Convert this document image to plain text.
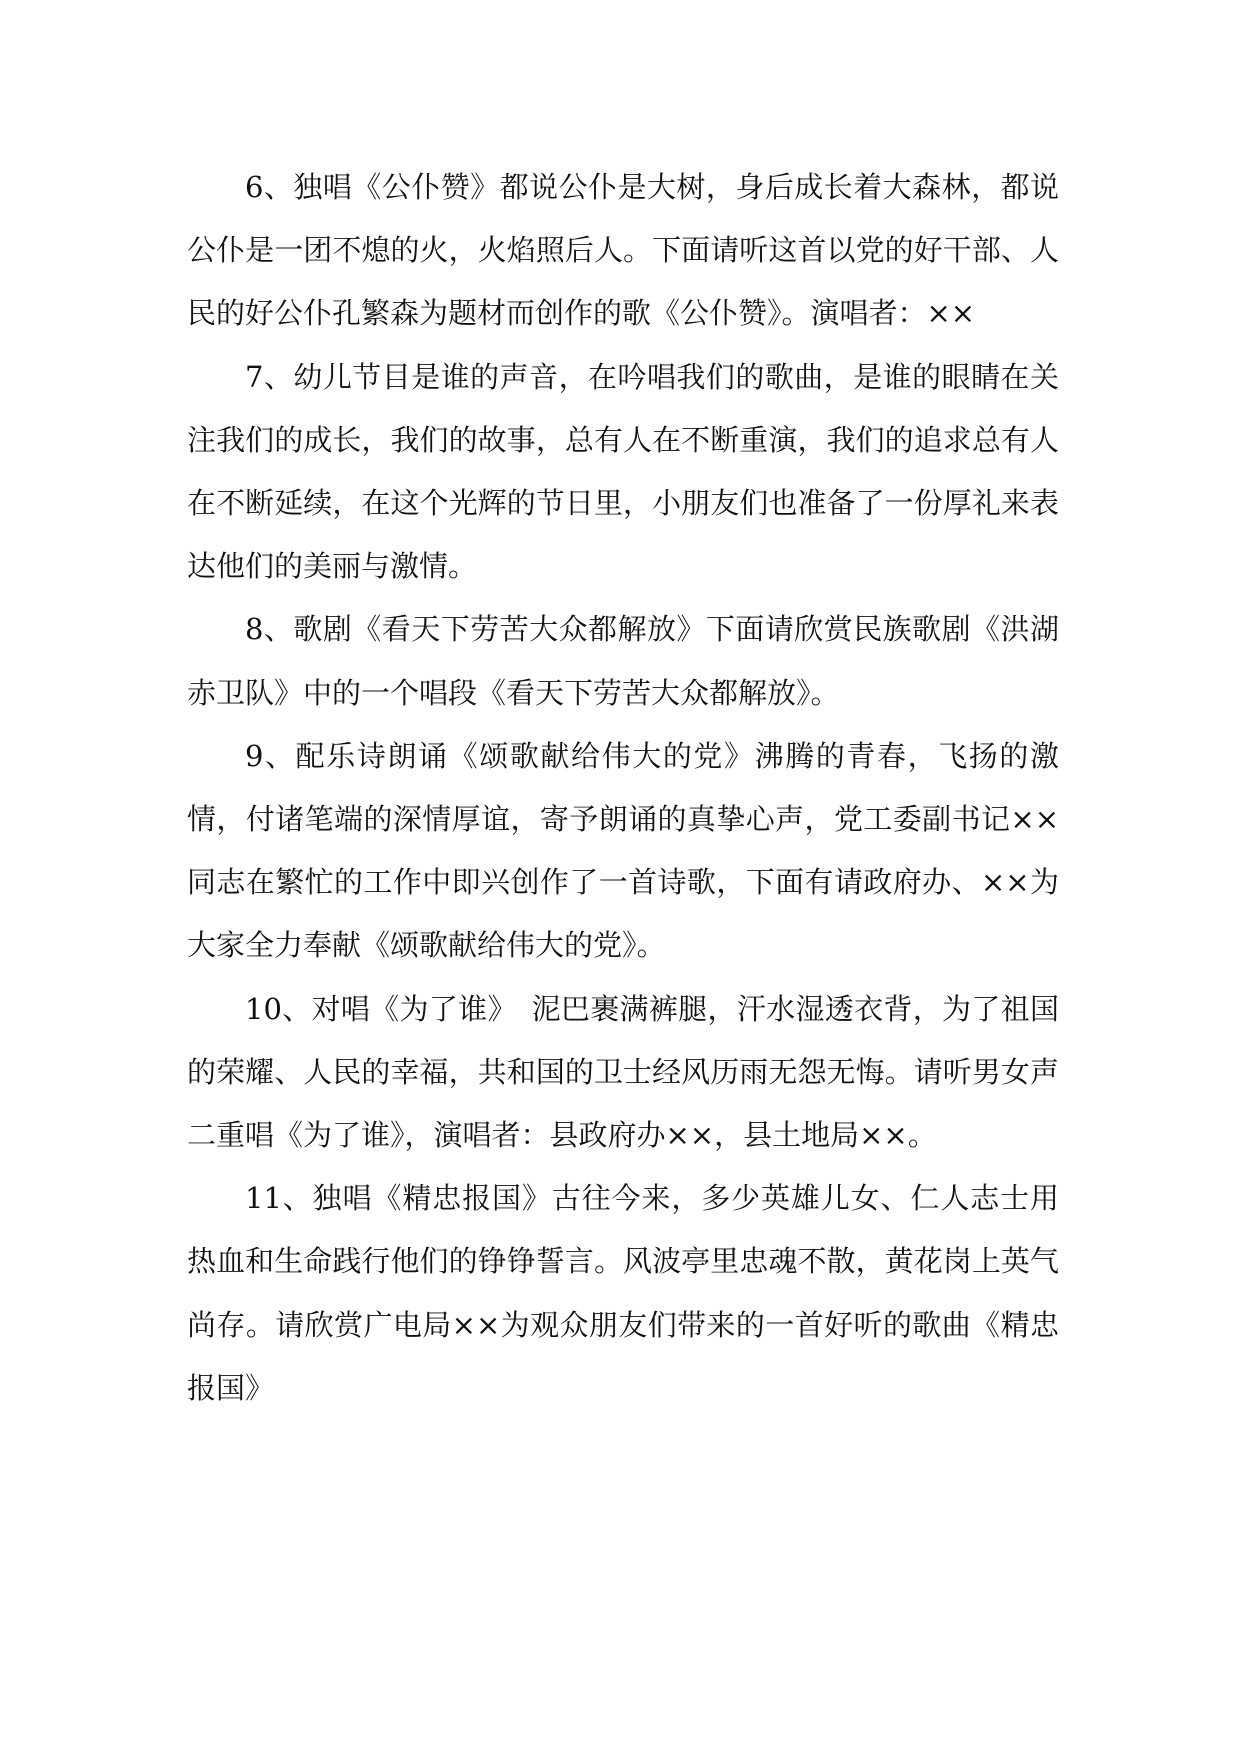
6、独唱《公仆赞》都说公仆是大树，身后成长着大森林，都说公仆是一团不熄的火，火焰照后人。下面请听这首以党的好干部、人民的好公仆孔繁森为题材而创作的歌《公仆赞》。演唱者：××

7、幼儿节目是谁的声音，在吟唱我们的歌曲，是谁的眼睛在关注我们的成长，我们的故事，总有人在不断重演，我们的追求总有人在不断延续，在这个光辉的节日里，小朋友们也准备了一份厚礼来表达他们的美丽与激情。

8、歌剧《看天下劳苦大众都解放》下面请欣赏民族歌剧《洪湖赤卫队》中的一个唱段《看天下劳苦大众都解放》。

9、配乐诗朗诵《颂歌献给伟大的党》沸腾的青春，飞扬的激情，付诸笔端的深情厚谊，寄予朗诵的真挚心声，党工委副书记××同志在繁忙的工作中即兴创作了一首诗歌，下面有请政府办、××为大家全力奉献《颂歌献给伟大的党》。

10、对唱《为了谁》　泥巴裹满裤腿，汗水湿透衣背，为了祖国的荣耀、人民的幸福，共和国的卫士经风历雨无怨无悔。请听男女声二重唱《为了谁》，演唱者：县政府办××，县土地局××。

11、独唱《精忠报国》古往今来，多少英雄儿女、仁人志士用热血和生命践行他们的铮铮誓言。风波亭里忠魂不散，黄花岗上英气尚存。请欣赏广电局××为观众朋友们带来的一首好听的歌曲《精忠报国》
